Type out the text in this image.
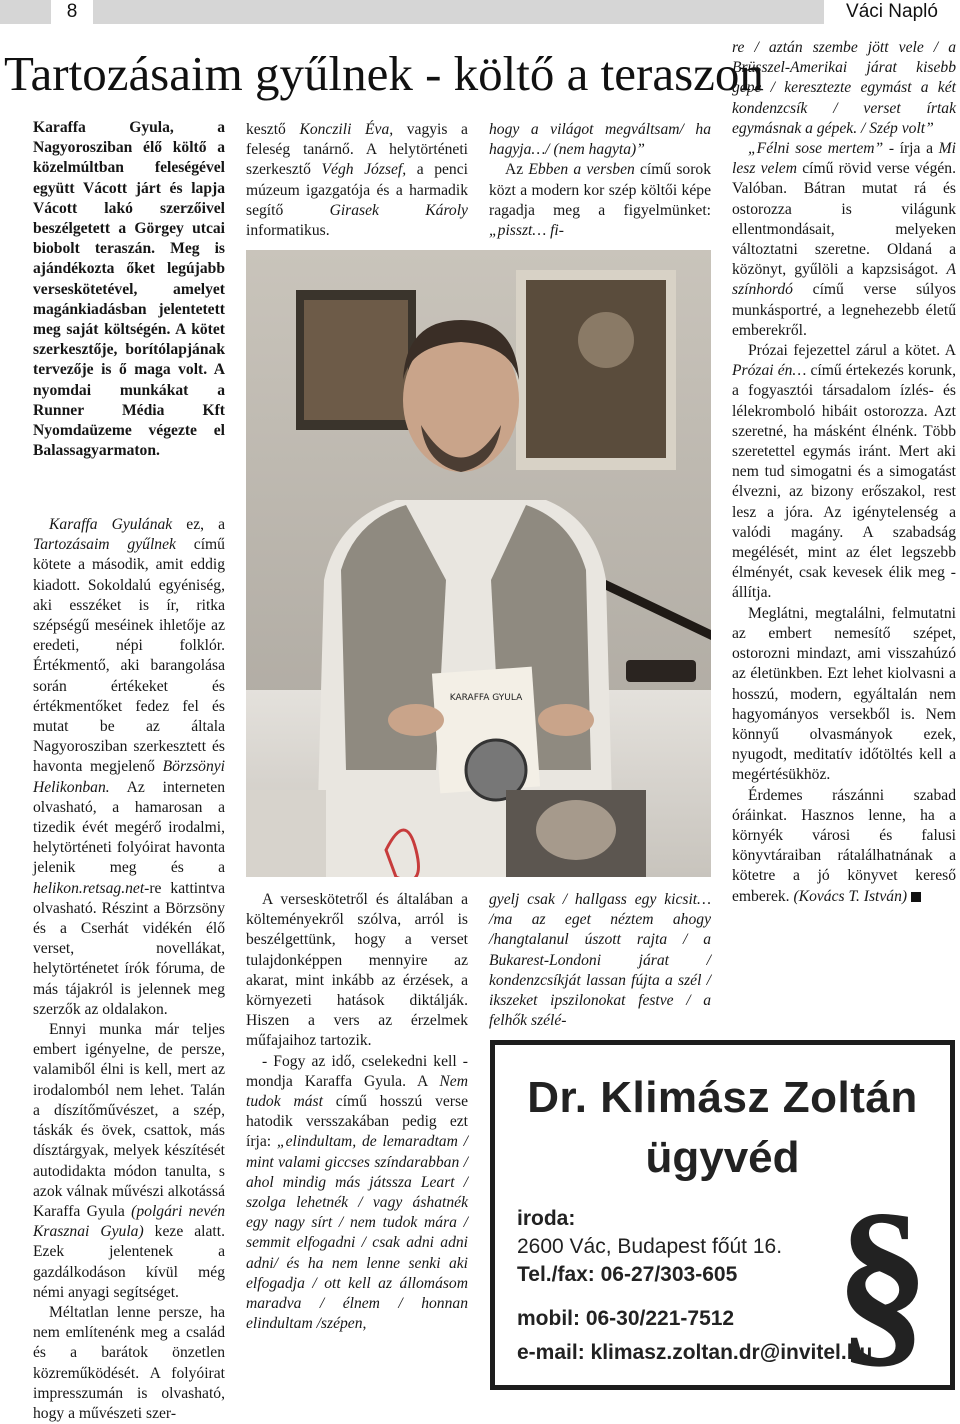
8	Váci Napló
Tartozásaim gyűlnek - költő a teraszon

Karaffa Gyula, a Nagyorosziban élő költő a közelmúltban feleségével együtt Vácott járt és lapja Vácott lakó szerzőivel beszélgetett a Görgey utcai biobolt teraszán. Meg is ajándékozta őket legújabb verseskötetével, amelyet magánkiadásban jelentetett meg saját költségén. A kötet szerkesztője, borítólapjának tervezője is ő maga volt. A nyomdai munkákat a Runner Média Kft Nyomdaüzeme végezte el Balassagyarmaton.

Karaffa Gyulának ez, a Tartozásaim gyűlnek című kötete a második, amit eddig kiadott. Sokoldalú egyéniség, aki esszéket is ír, ritka szépségű meséinek ihletője az eredeti, népi folklór. Értékmentő, aki barangolása során értékeket és értékmentőket fedez fel és mutat be az általa Nagyorosziban szerkesztett és havonta megjelenő Börzsönyi Helikonban. Az interneten olvasható, a hamarosan a tizedik évét megérő irodalmi, helytörténeti folyóirat havonta jelenik meg és a helikon.retsag.net-re kattintva olvasható. Részint a Börzsöny és a Cserhát vidékén élő verset, novellákat, helytörténetet írók fóruma, de más tájakról is jelennek meg szerzők az oldalakon.

Ennyi munka már teljes embert igényelne, de persze, valamiből élni is kell, mert az irodalomból nem lehet. Talán a díszítőművészet, a szép, táskák és övek, csattok, más dísztárgyak, melyek készítését autodidakta módon tanulta, s azok válnak művészi alkotássá Karaffa Gyula (polgári nevén Krasznai Gyula) keze alatt. Ezek jelentenek a gazdálkodáson kívül még némi anyagi segítséget.

Méltatlan lenne persze, ha nem említenénk meg a család és a barátok önzetlen közreműködését. A folyóirat impresszumán is olvasható, hogy a művészeti szer-

kesztő Konczili Éva, vagyis a feleség tanárnő. A helytörténeti szerkesztő Végh József, a penci múzeum igazgatója és a harmadik segítő Girasek Károly informatikus.

hogy a világot megváltsam/ ha hagyja…/ (nem hagyta)”

Az Ebben a versben című sorok közt a modern kor szép költői képe ragadja meg a figyelmünket: „pisszt… fi-

KARAFFA GYULA

A verseskötetről és általában a költeményekről szólva, arról is beszélgettünk, hogy a verset tulajdonképpen mennyire az akarat, mint inkább az érzések, a környezeti hatások diktálják. Hiszen a vers az érzelmek műfajaihoz tartozik.

- Fogy az idő, cselekedni kell - mondja Karaffa Gyula. A Nem tudok mást című hosszú verse hatodik versszakában pedig ezt írja: „elindultam, de lemaradtam / mint valami giccses színdarabban / ahol mindig más játssza Leart / szolga lehetnék / vagy áshatnék egy nagy sírt / nem tudok mára / semmit elfogadni / csak adni adni adni/ és ha nem lenne senki aki elfogadja / ott kell az állomásom maradva / élnem / honnan elindultam /szépen,

gyelj csak / hallgass egy kicsit… /ma az eget néztem ahogy /hangtalanul úszott rajta / a Bukarest-Londoni járat / kondenzcsíkját lassan fújta a szél / ikszeket ipszilonokat festve / a felhők szélé-

re / aztán szembe jött vele / a Brüsszel-Amerikai járat kisebb gépe / keresztezte egymást a két kondenzcsík / verset írtak egymásnak a gépek. / Szép volt”

„Félni sose mertem” - írja a Mi lesz velem című rövid verse végén. Valóban. Bátran mutat rá és ostorozza is világunk ellentmondásait, melyeken változtatni szeretne. Oldaná a közönyt, gyűlöli a kapzsiságot. A színhordó című verse súlyos munkásportré, a legnehezebb életű emberekről.

Prózai fejezettel zárul a kötet. A Prózai én… című értekezés korunk, a fogyasztói társadalom ízlés- és lélekromboló hibáit ostorozza. Azt szeretné, ha másként élnénk. Több szeretettel egymás iránt. Mert aki nem tud simogatni és a simogatást élvezni, az bizony erőszakol, rest lesz a jóra. Az igénytelenség a valódi magány. A szabadság megélését, mint az élet legszebb élményét, csak kevesek élik meg - állítja.

Meglátni, megtalálni, felmutatni az embert nemesítő szépet, ostorozni mindazt, ami visszahúzó az életünkben. Ezt lehet kiolvasni a hosszú, modern, egyáltalán nem hagyományos versekből is. Nem könnyű olvasmányok ezek, nyugodt, meditatív időtöltés kell a megértésükhöz.

Érdemes rászánni szabad óráinkat. Hasznos lenne, ha a környék városi és falusi könyvtáraiban rátalálhatnának a kötetre a jó könyvet kereső emberek. (Kovács T. István)

Dr. Klimász Zoltán
ügyvéd
§
iroda:
2600 Vác, Budapest főút 16.
Tel./fax: 06-27/303-605
mobil: 06-30/221-7512
e-mail: klimasz.zoltan.dr@invitel.hu
